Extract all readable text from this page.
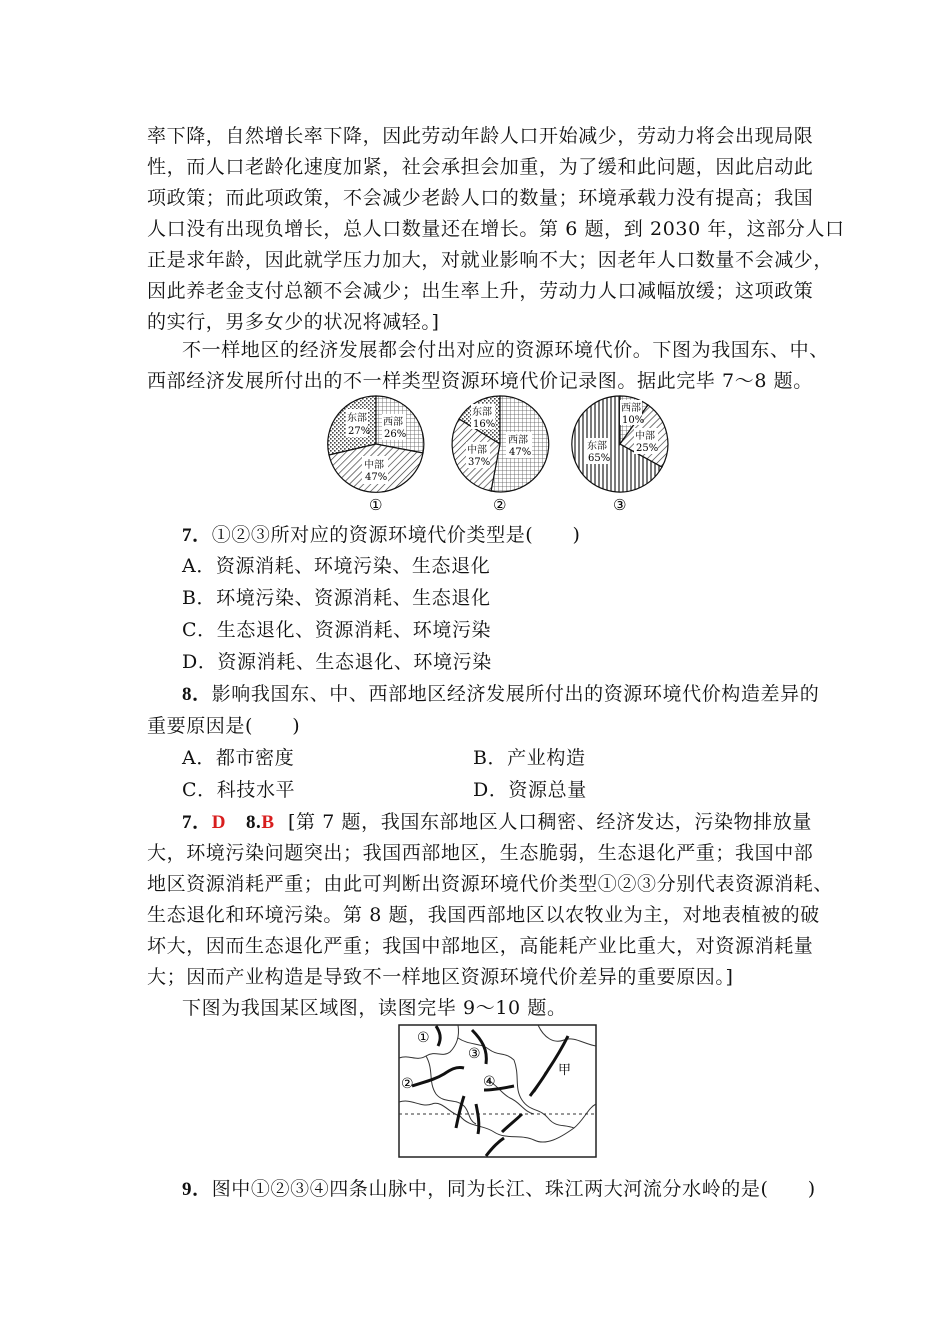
率下降，自然增长率下降，因此劳动年龄人口开始减少，劳动力将会出现局限
性，而人口老龄化速度加紧，社会承担会加重，为了缓和此问题，因此启动此
项政策；而此项政策，不会减少老龄人口的数量；环境承载力没有提高；我国
人口没有出现负增长，总人口数量还在增长。第 6 题，到 2030 年，这部分人口
正是求年龄，因此就学压力加大，对就业影响不大；因老年人口数量不会减少，
因此养老金支付总额不会减少；出生率上升，劳动力人口减幅放缓；这项政策
的实行，男多女少的状况将减轻。]
不一样地区的经济发展都会付出对应的资源环境代价。下图为我国东、中、
西部经济发展所付出的不一样类型资源环境代价记录图。据此完毕 7～8 题。
东部
27%
西部
26%
中部
47%
①
东部
16%
西部
47%
中部
37%
②
西部
10%
中部
25%
东部
65%
③
7．①②③所对应的资源环境代价类型是(　　)
A．资源消耗、环境污染、生态退化
B．环境污染、资源消耗、生态退化
C．生态退化、资源消耗、环境污染
D．资源消耗、生态退化、环境污染
8．影响我国东、中、西部地区经济发展所付出的资源环境代价构造差异的
重要原因是(　　)
A．都市密度	B．产业构造
C．科技水平	D．资源总量
7．D 8.B [第 7 题，我国东部地区人口稠密、经济发达，污染物排放量
大，环境污染问题突出；我国西部地区，生态脆弱，生态退化严重；我国中部
地区资源消耗严重；由此可判断出资源环境代价类型①②③分别代表资源消耗、
生态退化和环境污染。第 8 题，我国西部地区以农牧业为主，对地表植被的破
坏大，因而生态退化严重；我国中部地区，高能耗产业比重大，对资源消耗量
大；因而产业构造是导致不一样地区资源环境代价差异的重要原因。]
下图为我国某区域图，读图完毕 9～10 题。
①
②
③
④
甲
9．图中①②③④四条山脉中，同为长江、珠江两大河流分水岭的是(　　)
